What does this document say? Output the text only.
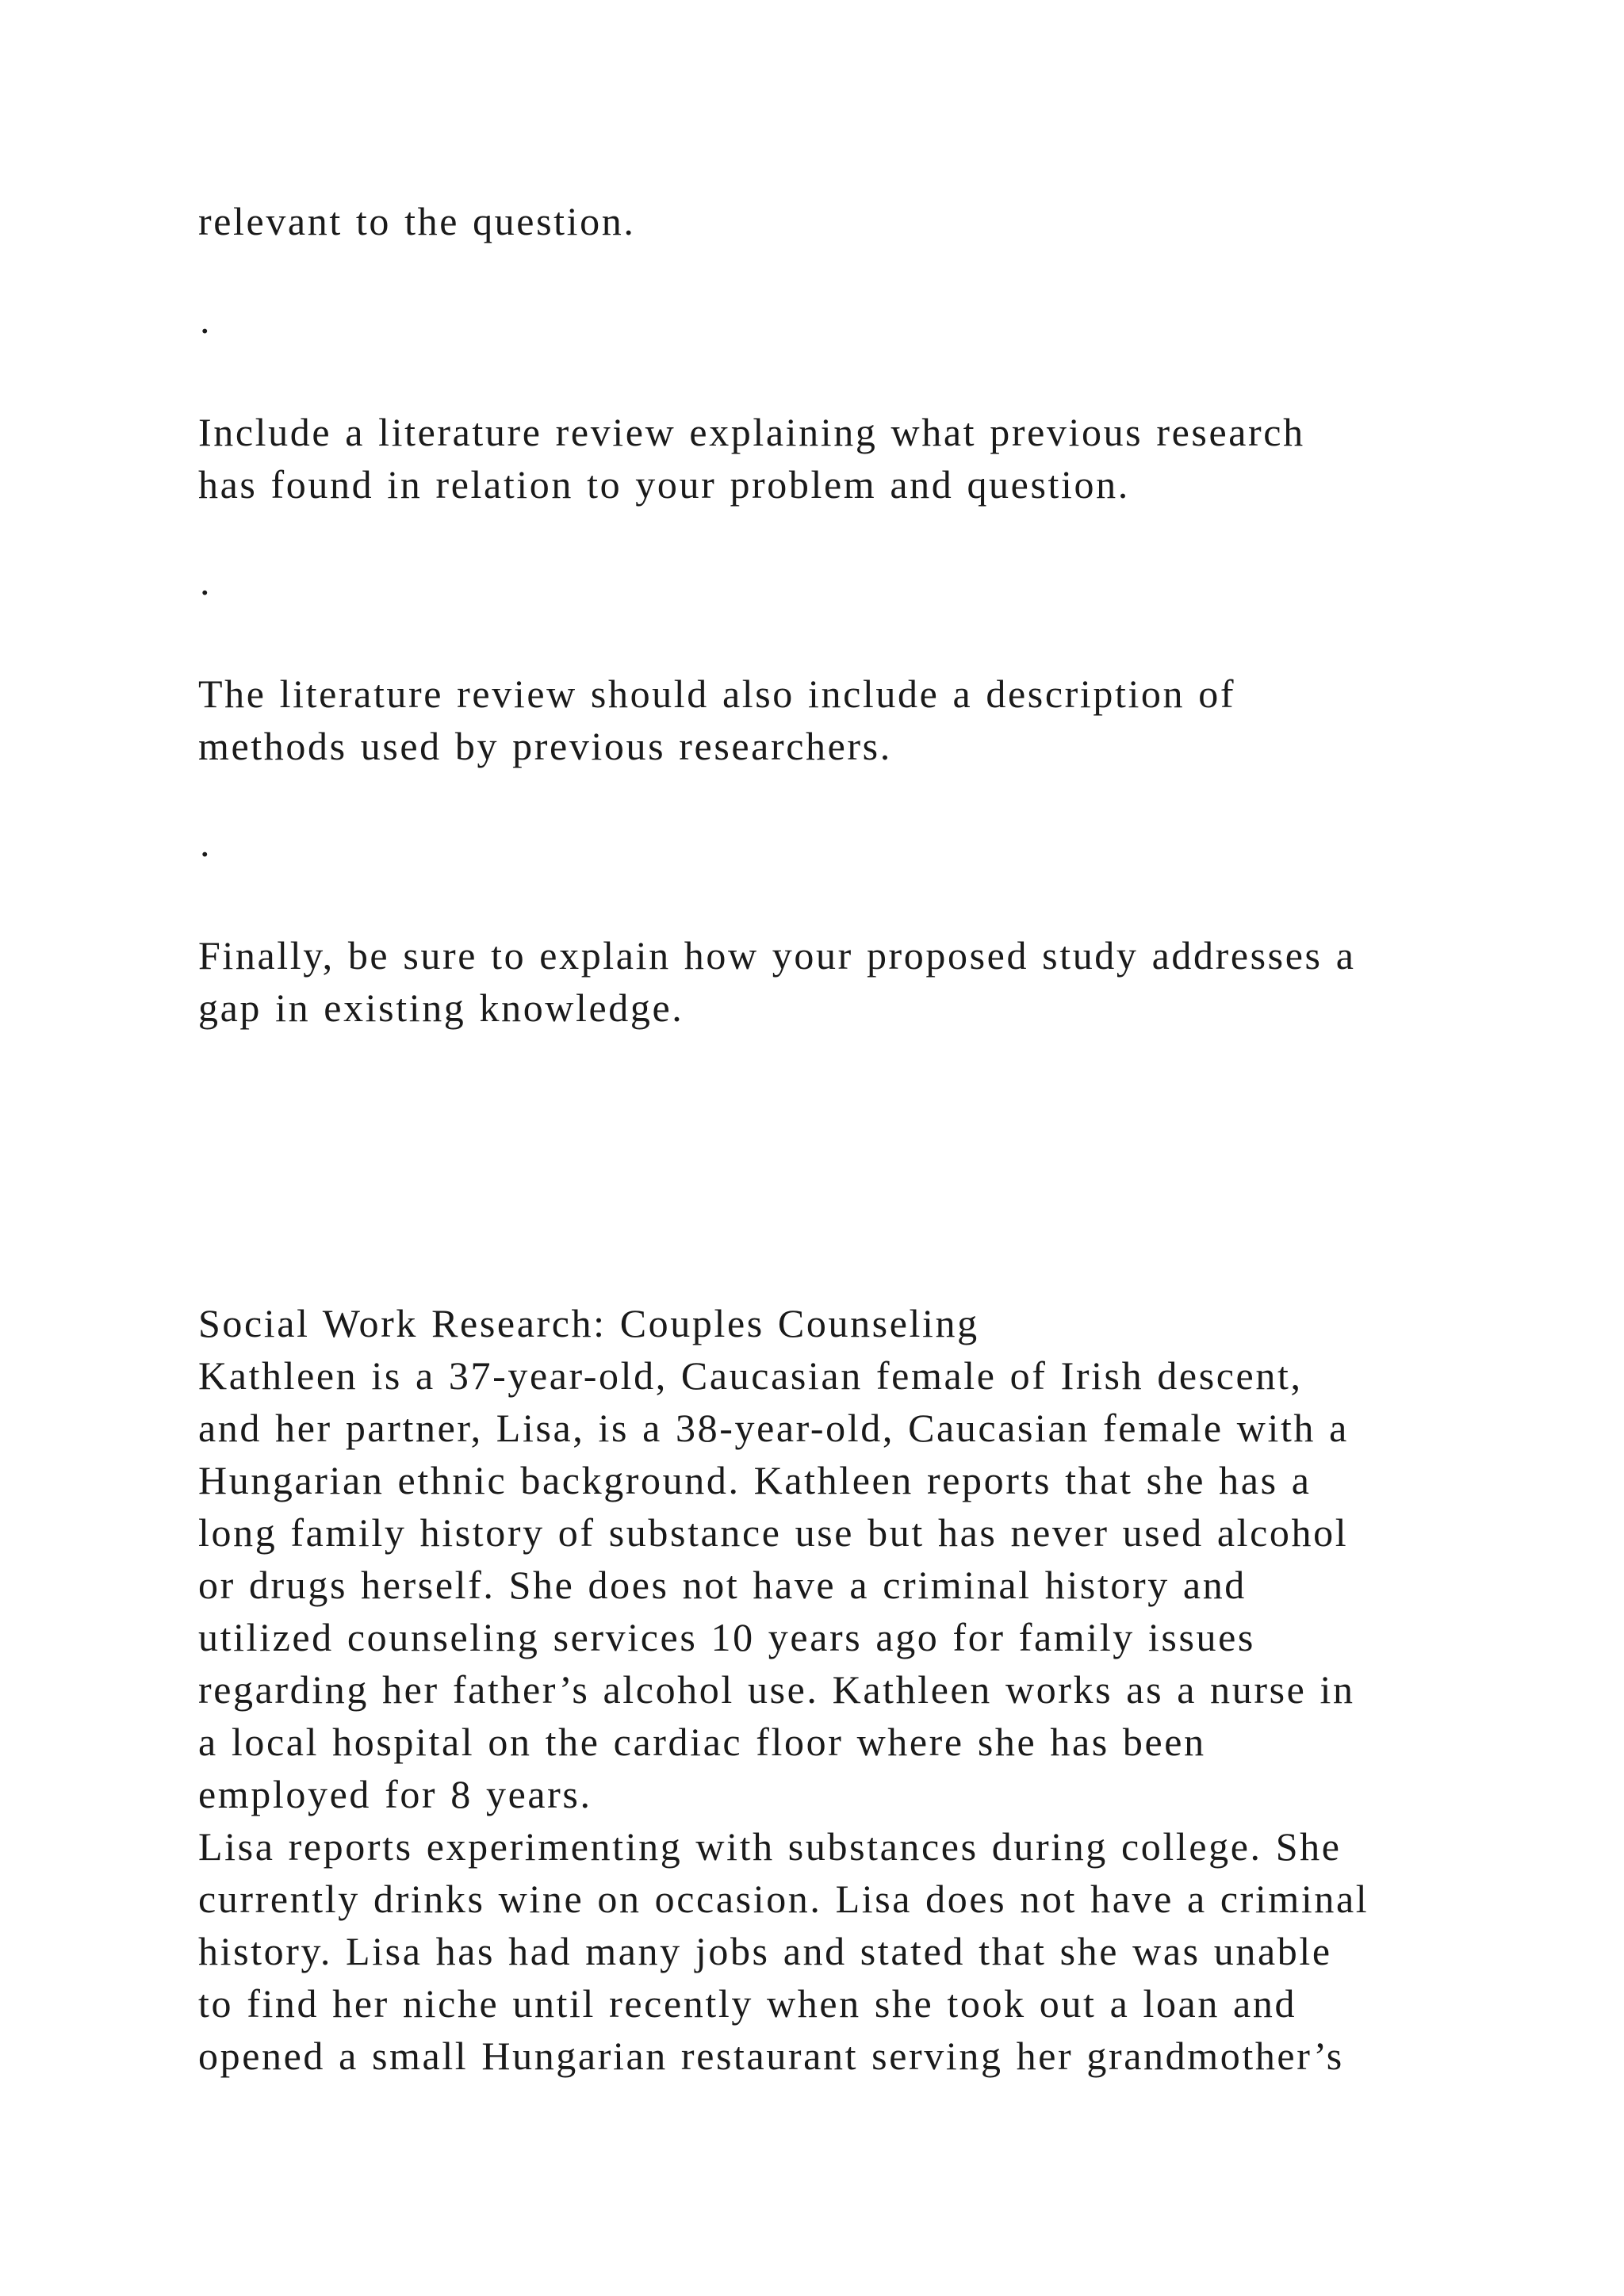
relevant to the question.
.
Include a literature review explaining what previous research
has found in relation to your problem and question.
.
The literature review should also include a description of
methods used by previous researchers.
.
Finally, be sure to explain how your proposed study addresses a
gap in existing knowledge.
Social Work Research: Couples Counseling
Kathleen is a 37-year-old, Caucasian female of Irish descent,
and her partner, Lisa, is a 38-year-old, Caucasian female with a
Hungarian ethnic background. Kathleen reports that she has a
long family history of substance use but has never used alcohol
or drugs herself. She does not have a criminal history and
utilized counseling services 10 years ago for family issues
regarding her father’s alcohol use. Kathleen works as a nurse in
a local hospital on the cardiac floor where she has been
employed for 8 years.
Lisa reports experimenting with substances during college. She
currently drinks wine on occasion. Lisa does not have a criminal
history. Lisa has had many jobs and stated that she was unable
to find her niche until recently when she took out a loan and
opened a small Hungarian restaurant serving her grandmother’s
